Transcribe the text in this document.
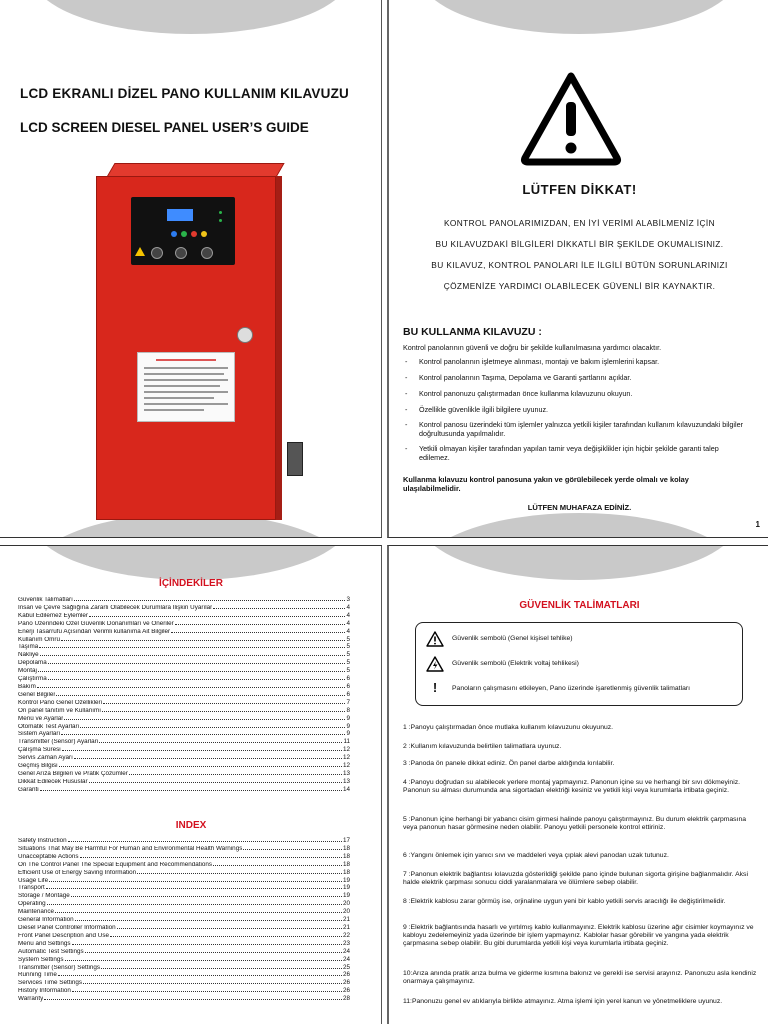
LCD EKRANLI DİZEL PANO KULLANIM KILAVUZU
LCD SCREEN DIESEL PANEL USER’S GUIDE
LÜTFEN DİKKAT!
KONTROL PANOLARIMIZDAN, EN İYİ VERİMİ ALABİLMENİZ İÇİN
BU KILAVUZDAKİ BİLGİLERİ DİKKATLİ BİR ŞEKİLDE OKUMALISINIZ.
BU KILAVUZ, KONTROL PANOLARI İLE İLGİLİ BÜTÜN SORUNLARINIZI
ÇÖZMENİZE YARDIMCI OLABİLECEK GÜVENLİ BİR KAYNAKTIR.
BU KULLANMA KILAVUZU :
Kontrol panolarının güvenli ve doğru bir şekilde kullanılmasına yardımcı olacaktır.
- Kontrol panolarının işletmeye alınması, montajı ve bakım işlemlerini kapsar.
- Kontrol panolarının Taşıma, Depolama ve Garanti şartlarını açıklar.
- Kontrol panonuzu çalıştırmadan önce kullanma kılavuzunu okuyun.
- Özellikle güvenlikle ilgili bilgilere uyunuz.
- Kontrol panosu üzerindeki tüm işlemler yalnızca yetkili kişiler tarafından kullanım kılavuzundaki bilgiler doğrultusunda yapılmalıdır.
- Yetkili olmayan kişiler tarafından yapılan tamir veya değişiklikler için hiçbir şekilde garanti talep edilemez.
Kullanma kılavuzu kontrol panosuna yakın ve görülebilecek yerde olmalı ve kolay ulaşılabilmelidir.
LÜTFEN MUHAFAZA EDİNİZ.
1
İÇİNDEKİLER
Güvenlik Talimatları	3
İnsan ve Çevre Sağlığına Zararlı Olabilecek Durumlara İlişkin Uyarılar	4
Kabul Edilemez Eylemler	4
Pano Üzerindeki Özel Güvenlik Donanımları ve Öneriler	4
Enerji Tasarrufu Açısından Verimli kullanıma Ait Bilgiler	4
Kullanım Ömrü	5
Taşıma	5
Nakliye	5
Depolama	5
Montaj	5
Çalıştırma	6
Bakım	6
Genel Bilgiler	6
Kontrol Pano Genel Özellikleri	7
Ön panel tanıtım ve Kullanımı	8
Menü ve Ayarlar	9
Otomatik Test Ayarları	9
Sistem Ayarları	9
Transmitter (Sensör) Ayarları	11
Çalışma Süresi	12
Servis Zaman Ayarı	12
Geçmiş Bilgisi	12
Genel Arıza Bilgileri ve Pratik Çözümler	13
Dikkat Edilecek Hususlar	13
Garanti	14
INDEX
Safety Instruction	17
Situations That May Be Harmful For Human and Environmental Health Warnings	18
Unacceptable Actions	18
On The Control Panel The Special Equipment and Recommendations	18
Efficient Use of Energy Saving Information	18
Usage Life	19
Transport	19
Storage / Montage	19
Operating	20
Maintenance	20
General Information	21
Diesel Panel Controller Information	21
Front Panel Description and Use	22
Menu and Settings	23
Automatic Test Settings	24
System Settings	24
Transmitter (Sensor) Settings	25
Running Time	26
Services Time Settings	26
History Information	26
Warranty	28
GÜVENLİK TALİMATLARI
Güvenlik sembolü (Genel kişisel tehlike)
Güvenlik sembolü (Elektrik voltaj tehlikesi)
!	Panoların çalışmasını etkileyen, Pano üzerinde işaretlenmiş güvenlik talimatları
1 :Panoyu çalıştırmadan önce mutlaka kullanım kılavuzunu okuyunuz.
2 :Kullanım kılavuzunda belirtilen talimatlara uyunuz.
3 :Panoda ön panele dikkat ediniz. Ön panel darbe aldığında kırılabilir.
4 :Panoyu doğrudan su alabilecek yerlere montaj yapmayınız. Panonun içine su ve herhangi bir sıvı dökmeyiniz. Panonun su alması durumunda ana sigortadan elektriği kesiniz ve yetkili kişi veya kurumlarla irtibata geçiniz.
5 :Panonun içine herhangi bir yabancı cisim girmesi halinde panoyu çalıştırmayınız. Bu durum elektrik çarpmasına veya panonun hasar görmesine neden olabilir. Panoyu yetkili personele kontrol ettiriniz.
6 :Yangını önlemek için yanıcı sıvı ve maddeleri veya çıplak alevi panodan uzak tutunuz.
7 :Panonun elektrik bağlantısı kılavuzda gösterildiği şekilde pano içinde bulunan sigorta girişine bağlanmalıdır. Aksi halde elektrik çarpması sonucu ciddi yaralanmalara ve ölümlere sebep olabilir.
8 :Elektrik kablosu zarar görmüş ise, orjinaline uygun yeni bir kablo yetkili servis aracılığı ile değiştirilmelidir.
9 :Elektrik bağlantısında hasarlı ve yırtılmış kablo kullanmayınız. Elektrik kablosu üzerine ağır cisimler koymayınız ve kabloyu zedelemeyiniz yada üzerinde bir işlem yapmayınız. Kablolar hasar görebilir ve yangına yada elektrik çarpmasına sebep olabilir. Bu gibi durumlarda yetkili kişi veya kurumlarla irtibata geçiniz.
10:Arıza anında pratik arıza bulma ve giderme kısmına bakınız ve gerekli ise servisi arayınız. Panonuzu asla kendiniz onarmaya çalışmayınız.
11:Panonuzu genel ev atıklarıyla birlikte atmayınız. Atma işlemi için yerel kanun ve yönetmeliklere uyunuz.
